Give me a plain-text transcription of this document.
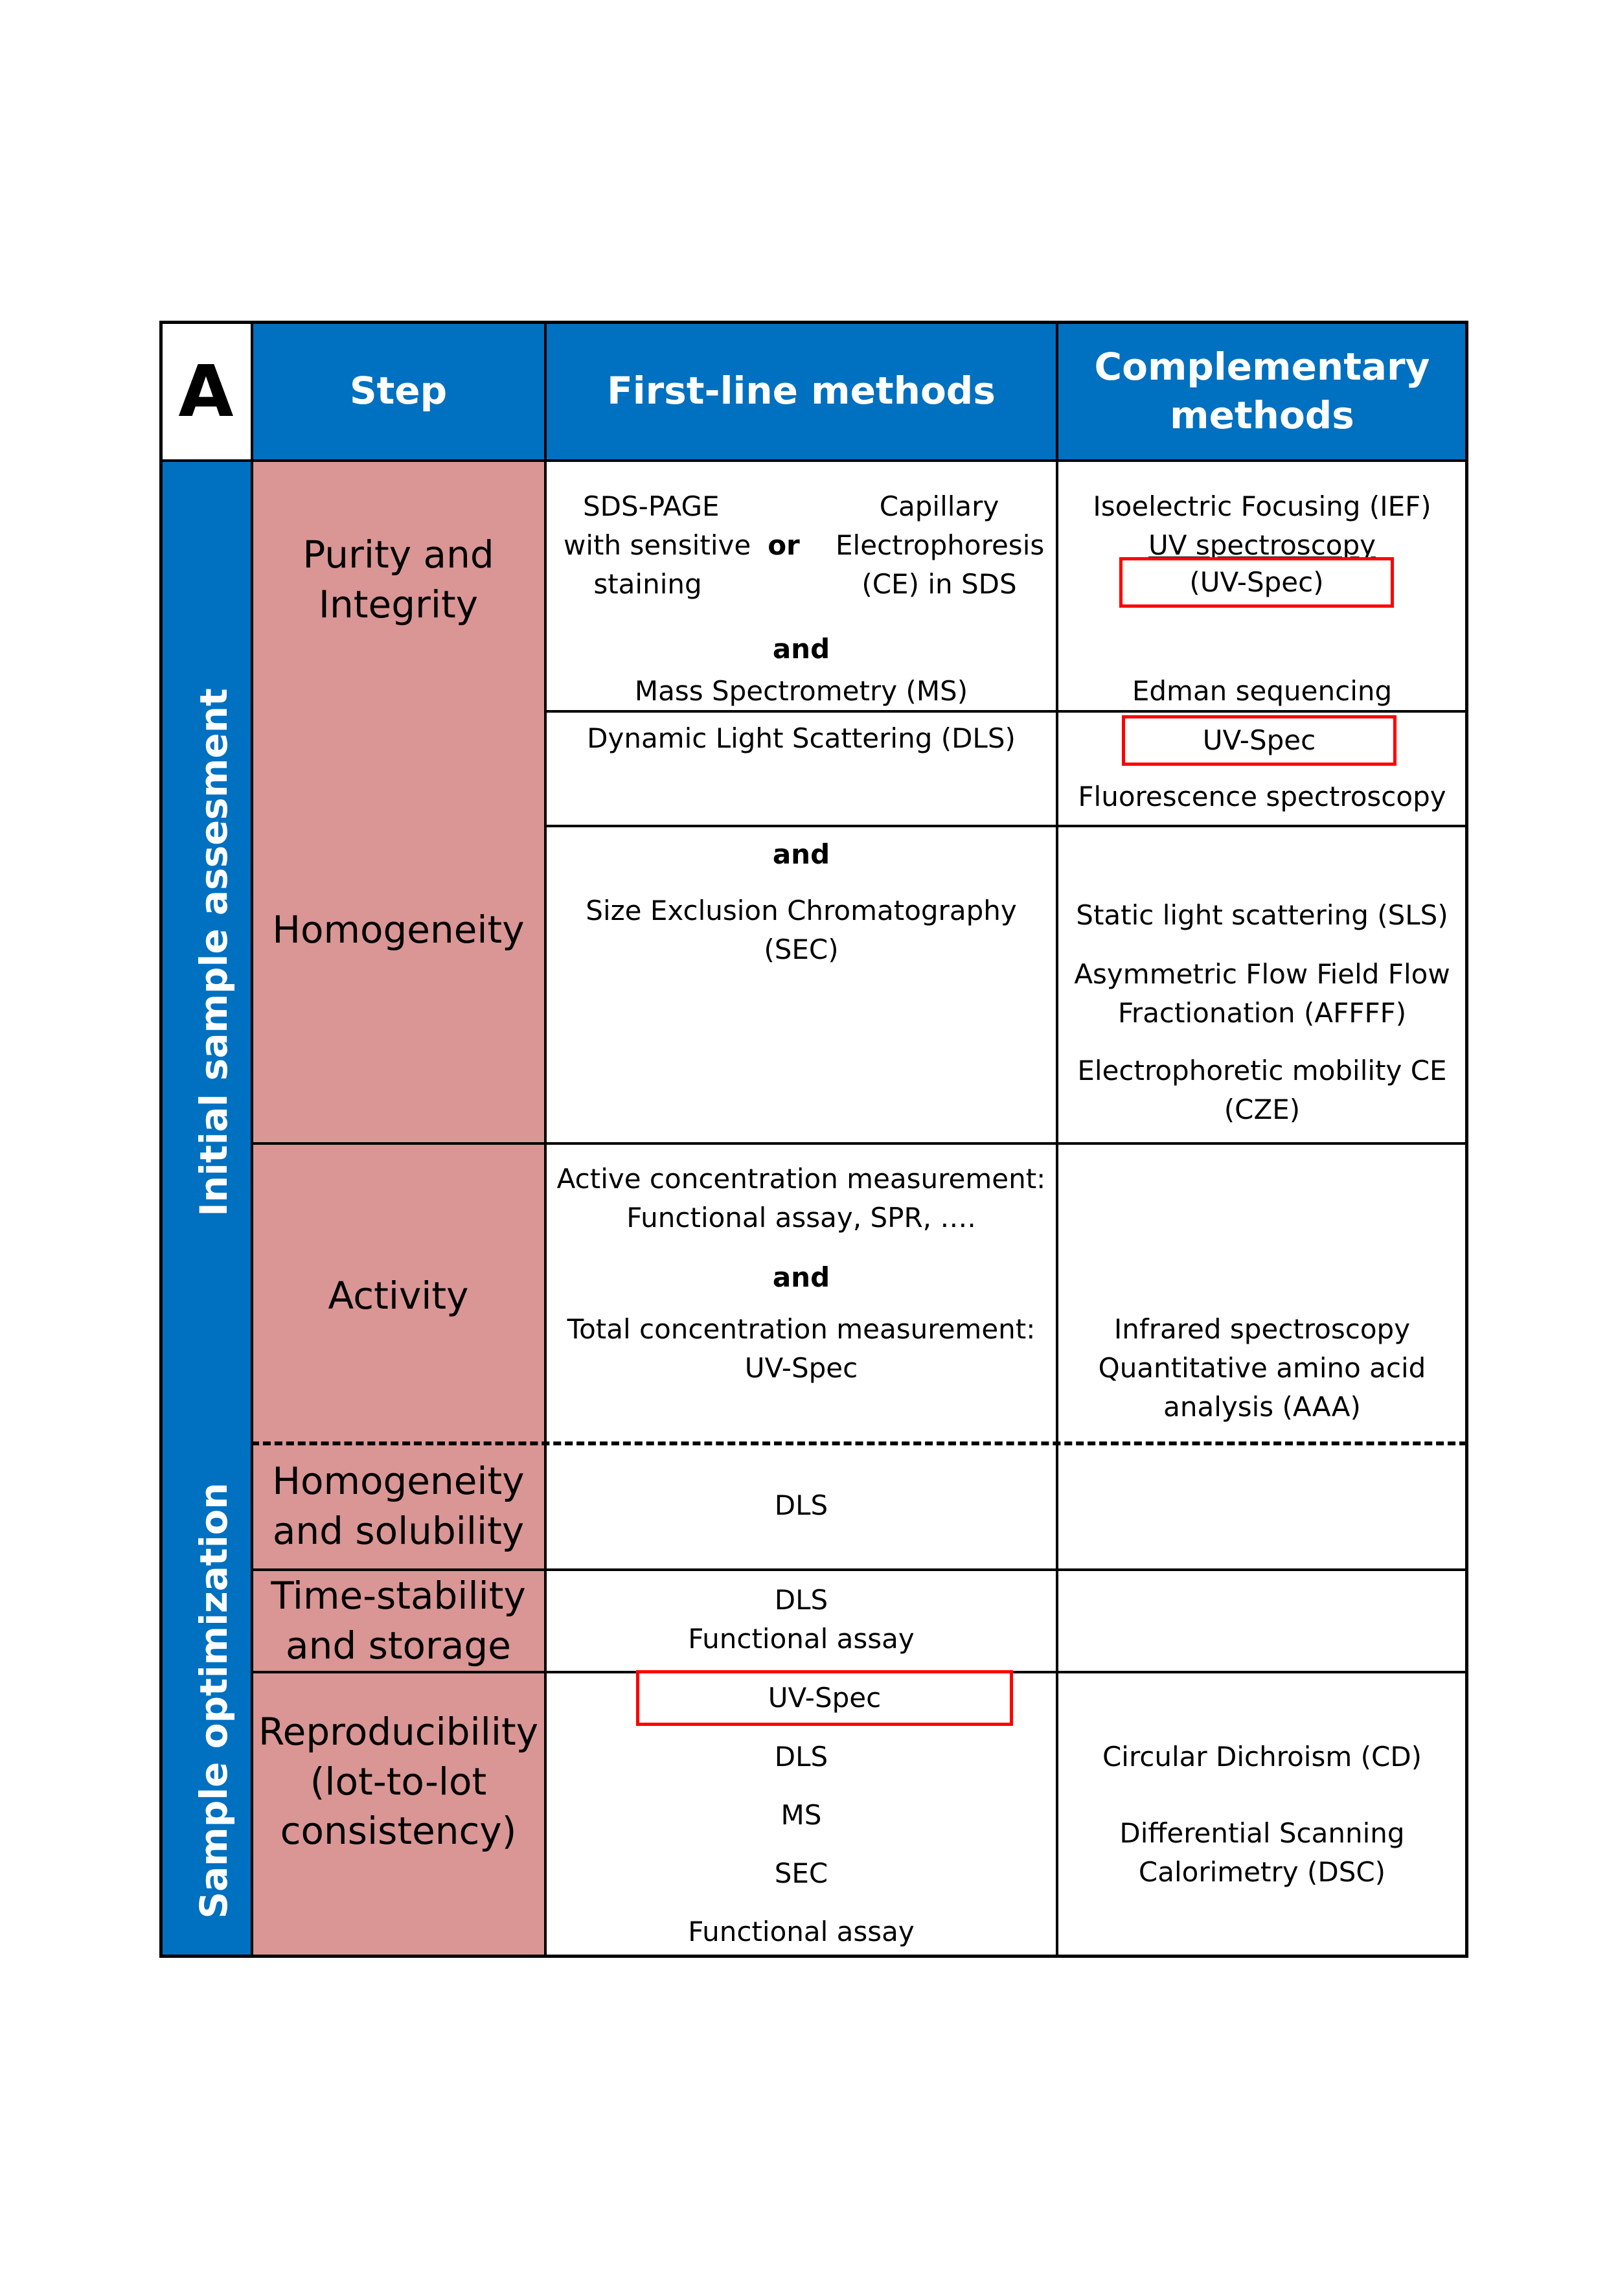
A	Step	First-line methods
Complementary methods
Initial sample assesment
Sample optimization
Purity and Integrity
Homogeneity
Activity
Homogeneity and solubility
Time-stability and storage
Reproducibility (lot-to-lot consistency)
SDS-PAGE
with sensitive
staining
or
Capillary
Electrophoresis
(CE) in SDS
and
Mass Spectrometry (MS)
Isoelectric Focusing (IEF)
UV spectroscopy
(UV-Spec)
Edman sequencing
Dynamic Light Scattering (DLS)
and
Size Exclusion Chromatography
(SEC)
UV-Spec
Fluorescence spectroscopy
Static light scattering (SLS)
Asymmetric Flow Field Flow
Fractionation (AFFFF)
Electrophoretic mobility CE
(CZE)
Active concentration measurement:
Functional assay, SPR, ….
and
Total concentration measurement:
UV-Spec
Infrared spectroscopy
Quantitative amino acid
analysis (AAA)
DLS
DLS
Functional assay
UV-Spec
DLS
MS
SEC
Functional assay
Circular Dichroism (CD)
Differential Scanning
Calorimetry (DSC)
